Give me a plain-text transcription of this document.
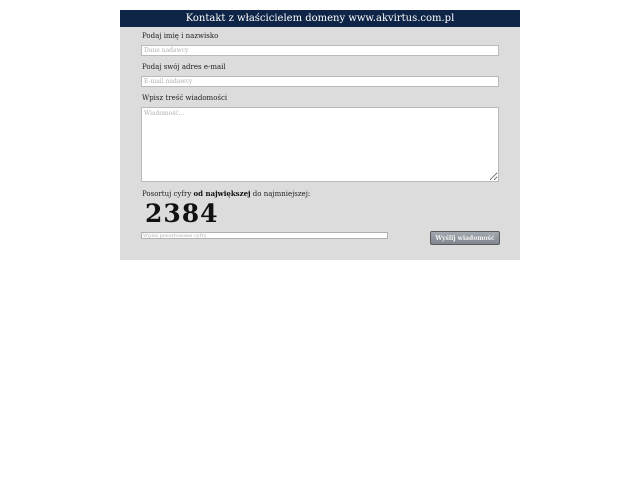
Kontakt z właścicielem domeny www.akvirtus.com.pl
Podaj imię i nazwisko
Dane nadawcy
Podaj swój adres e-mail
E-mail nadawcy
Wpisz treść wiadomości
Wiadomość...
Posortuj cyfry od największej do najmniejszej:
2384
Wpisz posortowane cyfry
Wyślij wiadomość
